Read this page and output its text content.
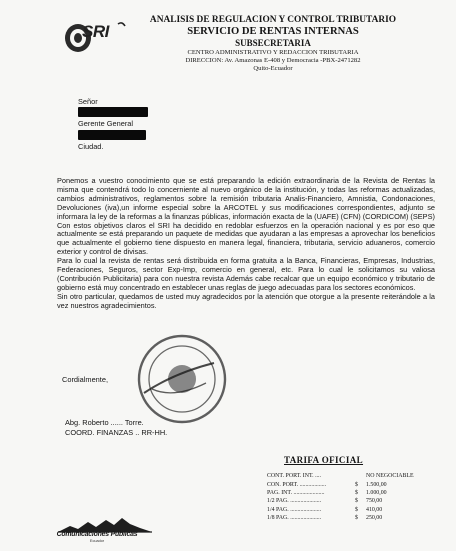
SRI
ANALISIS DE REGULACION Y CONTROL TRIBUTARIO
SERVICIO DE RENTAS INTERNAS
SUBSECRETARIA
CENTRO ADMINISTRATIVO Y REDACCION TRIBUTARIA
DIRECCION: Av. Amazonas E-408 y Democracia -PBX-2471282
Quito-Ecuador
Señor
Gerente General
Ciudad.

Ponemos a vuestro conocimiento que se está preparando la edición extraordinaria de la Revista de Rentas la misma que contendrá todo lo concerniente al nuevo orgánico de la institución, y todas las reformas actualizadas, cambios administrativos, reglamentos sobre la remisión tributaria Analis-Financiero, Amnistia, Condonaciones, Devoluciones (iva),un informe especial sobre la ARCOTEL y sus modificaciones correspondientes, adjunto se informara la ley de la reformas a la finanzas públicas, información exacta de la (UAFE) (CFN) (CORDICOM) (SEPS)

Con estos objetivos claros el SRI ha decidido en redoblar esfuerzos en la operación nacional y es por eso que actualmente se está preparando un paquete de medidas que ayudaran a las empresas a aprovechar los beneficios que actualmente el gobierno tiene dispuesto en manera legal, financiera, tributaria, servicio aduaneros, comercio exterior y control de divisas.

Para lo cual la revista de rentas será distribuida en forma gratuita a la Banca, Financieras, Empresas, Industrias, Federaciones, Seguros, sector Exp-Imp, comercio en general, etc. Para lo cual le solicitamos su valiosa (Contribución Publicitaria) para con nuestra revista Además cabe recalcar que un equipo económico y tributario de gobierno está muy concentrado en establecer unas reglas de juego adecuadas para los sectores económicos.

Sin otro particular, quedamos de usted muy agradecidos por la atención que otorgue a la presente reiterándole a la vez nuestros agradecimientos.

Cordialmente,
Abg. Roberto ...... Torre.
COORD. FINANZAS .. RR-HH.
TARIFA OFICIAL
CONT. PORT. INT. ....	NO NEGOCIABLE
CON. PORT. ..................	$	1.500,00
PAG. INT. .....................	$	1.000,00
1/2 PAG. .....................	$	750,00
1/4 PAG. .....................	$	410,00
1/8 PAG. .....................	$	250,00
Comunicaciones Públicas
Ecuador
